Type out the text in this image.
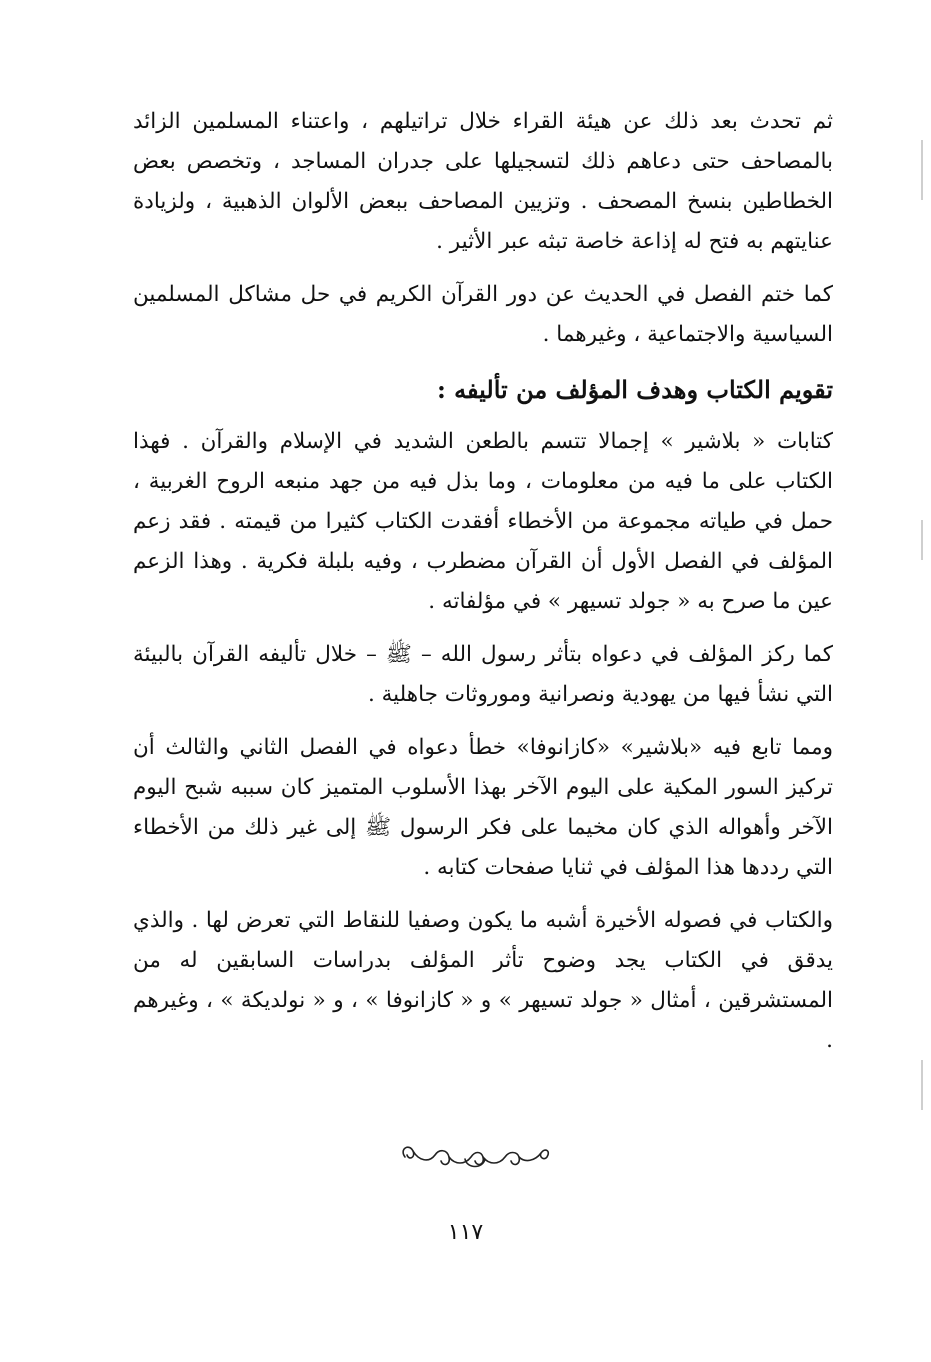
ثم تحدث بعد ذلك عن هيئة القراء خلال تراتيلهم ، واعتناء المسلمين الزائد بالمصاحف حتى دعاهم ذلك لتسجيلها على جدران المساجد ، وتخصص بعض الخطاطين بنسخ المصحف . وتزيين المصاحف ببعض الألوان الذهبية ، ولزيادة عنايتهم به فتح له إذاعة خاصة تبثه عبر الأثير .

كما ختم الفصل في الحديث عن دور القرآن الكريم في حل مشاكل المسلمين السياسية والاجتماعية ، وغيرهما .

تقويم الكتاب وهدف المؤلف من تأليفه :

كتابات « بلاشير » إجمالا تتسم بالطعن الشديد في الإسلام والقرآن . فهذا الكتاب على ما فيه من معلومات ، وما بذل فيه من جهد منبعه الروح الغربية ، حمل في طياته مجموعة من الأخطاء أفقدت الكتاب كثيرا من قيمته . فقد زعم المؤلف في الفصل الأول أن القرآن مضطرب ، وفيه بلبلة فكرية . وهذا الزعم عين ما صرح به « جولد تسيهر » في مؤلفاته .

كما ركز المؤلف في دعواه بتأثر رسول الله – ﷺ – خلال تأليفه القرآن بالبيئة التي نشأ فيها من يهودية ونصرانية وموروثات جاهلية .

ومما تابع فيه «بلاشير» «كازانوفا» خطأ دعواه في الفصل الثاني والثالث أن تركيز السور المكية على اليوم الآخر بهذا الأسلوب المتميز كان سببه شبح اليوم الآخر وأهواله الذي كان مخيما على فكر الرسول ﷺ إلى غير ذلك من الأخطاء التي رددها هذا المؤلف في ثنايا صفحات كتابه .

والكتاب في فصوله الأخيرة أشبه ما يكون وصفيا للنقاط التي تعرض لها . والذي يدقق في الكتاب يجد وضوح تأثر المؤلف بدراسات السابقين له من المستشرقين ، أمثال « جولد تسيهر » و « كازانوفا » ، و « نولديكة » ، وغيرهم .

١١٧
